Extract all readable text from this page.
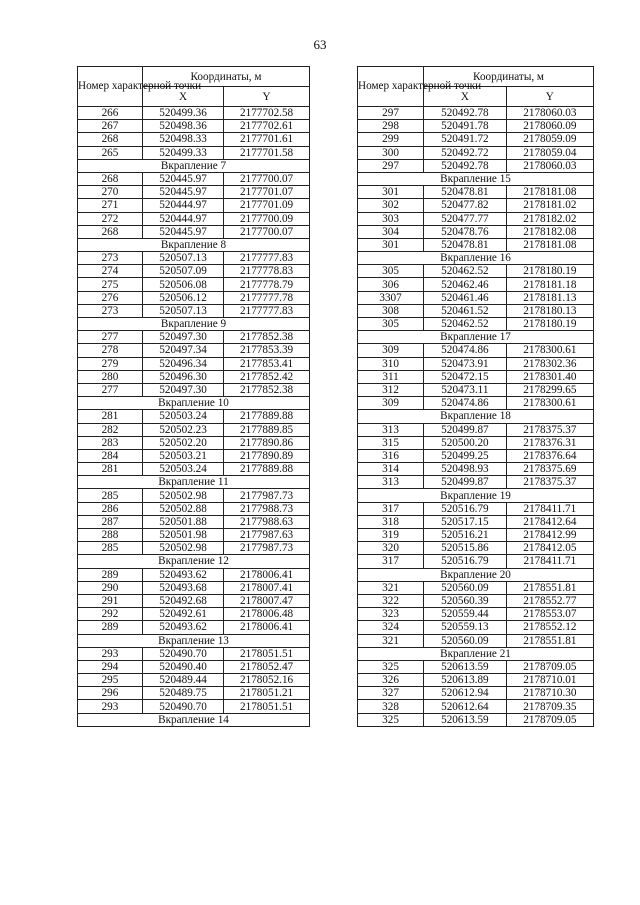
63
Номер характерной точки	Координаты, м	
	X	Y
266	520499.36	2177702.58
267	520498.36	2177702.61
268	520498.33	2177701.61
265	520499.33	2177701.58
Вкрапление 7		
268	520445.97	2177700.07
270	520445.97	2177701.07
271	520444.97	2177701.09
272	520444.97	2177700.09
268	520445.97	2177700.07
Вкрапление 8		
273	520507.13	2177777.83
274	520507.09	2177778.83
275	520506.08	2177778.79
276	520506.12	2177777.78
273	520507.13	2177777.83
Вкрапление 9		
277	520497.30	2177852.38
278	520497.34	2177853.39
279	520496.34	2177853.41
280	520496.30	2177852.42
277	520497.30	2177852.38
Вкрапление 10		
281	520503.24	2177889.88
282	520502.23	2177889.85
283	520502.20	2177890.86
284	520503.21	2177890.89
281	520503.24	2177889.88
Вкрапление 11		
285	520502.98	2177987.73
286	520502.88	2177988.73
287	520501.88	2177988.63
288	520501.98	2177987.63
285	520502.98	2177987.73
Вкрапление 12		
289	520493.62	2178006.41
290	520493.68	2178007.41
291	520492.68	2178007.47
292	520492.61	2178006.48
289	520493.62	2178006.41
Вкрапление 13		
293	520490.70	2178051.51
294	520490.40	2178052.47
295	520489.44	2178052.16
296	520489.75	2178051.21
293	520490.70	2178051.51
Вкрапление 14		
Номер характерной точки	Координаты, м	
	X	Y
297	520492.78	2178060.03
298	520491.78	2178060.09
299	520491.72	2178059.09
300	520492.72	2178059.04
297	520492.78	2178060.03
Вкрапление 15		
301	520478.81	2178181.08
302	520477.82	2178181.02
303	520477.77	2178182.02
304	520478.76	2178182.08
301	520478.81	2178181.08
Вкрапление 16		
305	520462.52	2178180.19
306	520462.46	2178181.18
3307	520461.46	2178181.13
308	520461.52	2178180.13
305	520462.52	2178180.19
Вкрапление 17		
309	520474.86	2178300.61
310	520473.91	2178302.36
311	520472.15	2178301.40
312	520473.11	2178299.65
309	520474.86	2178300.61
Вкрапление 18		
313	520499.87	2178375.37
315	520500.20	2178376.31
316	520499.25	2178376.64
314	520498.93	2178375.69
313	520499.87	2178375.37
Вкрапление 19		
317	520516.79	2178411.71
318	520517.15	2178412.64
319	520516.21	2178412.99
320	520515.86	2178412.05
317	520516.79	2178411.71
Вкрапление 20		
321	520560.09	2178551.81
322	520560.39	2178552.77
323	520559.44	2178553.07
324	520559.13	2178552.12
321	520560.09	2178551.81
Вкрапление 21		
325	520613.59	2178709.05
326	520613.89	2178710.01
327	520612.94	2178710.30
328	520612.64	2178709.35
325	520613.59	2178709.05
